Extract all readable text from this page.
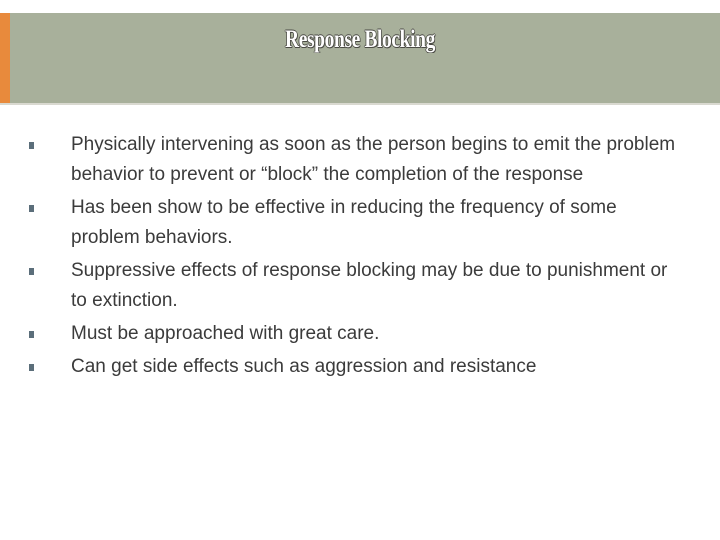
Response Blocking
Physically intervening as soon as the person begins to emit the problem behavior to prevent or “block” the completion of the response
Has been show to be effective in reducing the frequency of some problem behaviors.
Suppressive effects of response blocking may be due to punishment or to extinction.
Must be approached with great care.
Can get side effects such as aggression and resistance
